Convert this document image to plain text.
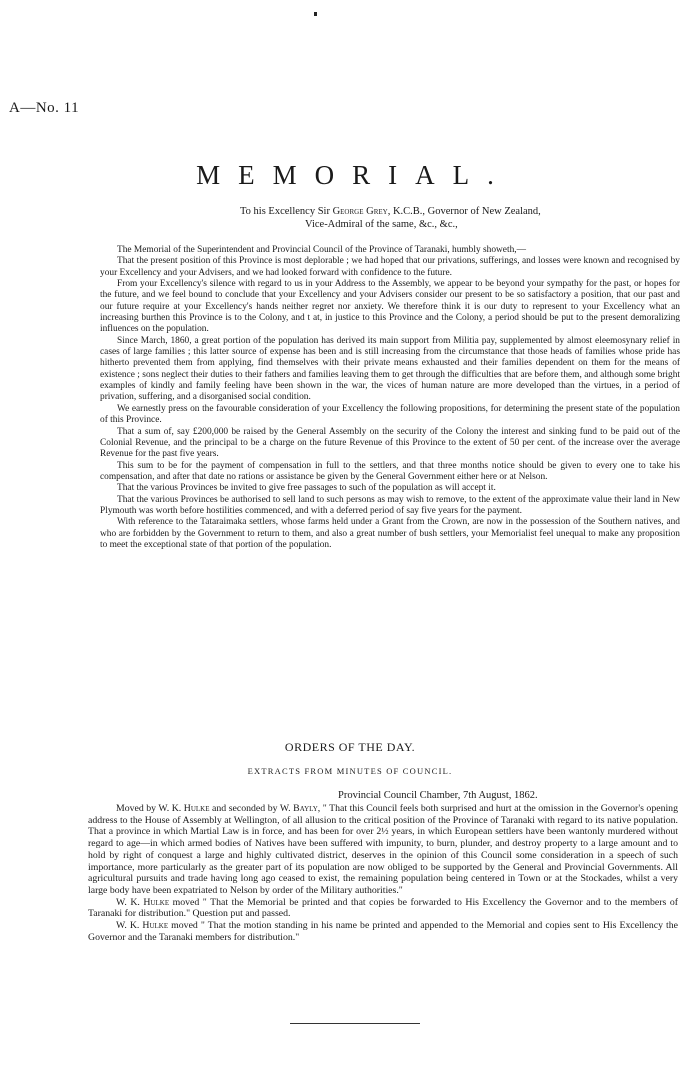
A—No. 11
MEMORIAL.
To his Excellency Sir George Grey, K.C.B., Governor of New Zealand,
Vice-Admiral of the same, &c., &c.,

The Memorial of the Superintendent and Provincial Council of the Province of Taranaki, humbly showeth,—

That the present position of this Province is most deplorable ; we had hoped that our privations, sufferings, and losses were known and recognised by your Excellency and your Advisers, and we had looked forward with confidence to the future.

From your Excellency's silence with regard to us in your Address to the Assembly, we appear to be beyond your sympathy for the past, or hopes for the future, and we feel bound to conclude that your Excellency and your Advisers consider our present to be so satisfactory a position, that our past and our future require at your Excellency's hands neither regret nor anxiety. We therefore think it is our duty to represent to your Excellency what an increasing burthen this Province is to the Colony, and t at, in justice to this Province and the Colony, a period should be put to the present demoralizing influences on the population.

Since March, 1860, a great portion of the population has derived its main support from Militia pay, supplemented by almost eleemosynary relief in cases of large families ; this latter source of expense has been and is still increasing from the circumstance that those heads of families whose pride has hitherto prevented them from applying, find themselves with their private means exhausted and their families dependent on them for the means of existence ; sons neglect their duties to their fathers and families leaving them to get through the difficulties that are before them, and although some bright examples of kindly and family feeling have been shown in the war, the vices of human nature are more developed than the virtues, in a period of privation, suffering, and a disorganised social condition.

We earnestly press on the favourable consideration of your Excellency the following propositions, for determining the present state of the population of this Province.

That a sum of, say £200,000 be raised by the General Assembly on the security of the Colony the interest and sinking fund to be paid out of the Colonial Revenue, and the principal to be a charge on the future Revenue of this Province to the extent of 50 per cent. of the increase over the average Revenue for the past five years.

This sum to be for the payment of compensation in full to the settlers, and that three months notice should be given to every one to take his compensation, and after that date no rations or assistance be given by the General Government either here or at Nelson.

That the various Provinces be invited to give free passages to such of the population as will accept it.

That the various Provinces be authorised to sell land to such persons as may wish to remove, to the extent of the approximate value their land in New Plymouth was worth before hostilities commenced, and with a deferred period of say five years for the payment.

With reference to the Tataraimaka settlers, whose farms held under a Grant from the Crown, are now in the possession of the Southern natives, and who are forbidden by the Government to return to them, and also a great number of bush settlers, your Memorialist feel unequal to make any proposition to meet the exceptional state of that portion of the population.

ORDERS OF THE DAY.
EXTRACTS FROM MINUTES OF COUNCIL.
Provincial Council Chamber, 7th August, 1862.

Moved by W. K. Hulke and seconded by W. Bayly, " That this Council feels both surprised and hurt at the omission in the Governor's opening address to the House of Assembly at Wellington, of all allusion to the critical position of the Province of Taranaki with regard to its native population. That a province in which Martial Law is in force, and has been for over 2½ years, in which European settlers have been wantonly murdered without regard to age—in which armed bodies of Natives have been suffered with impunity, to burn, plunder, and destroy property to a large amount and to hold by right of conquest a large and highly cultivated district, deserves in the opinion of this Council some consideration in a speech of such importance, more particularly as the greater part of its population are now obliged to be supported by the General and Provincial Governments. All agricultural pursuits and trade having long ago ceased to exist, the remaining population being centered in Town or at the Stockades, whilst a very large body have been expatriated to Nelson by order of the Military authorities."

W. K. Hulke moved " That the Memorial be printed and that copies be forwarded to His Excellency the Governor and to the members of Taranaki for distribution." Question put and passed.

W. K. Hulke moved " That the motion standing in his name be printed and appended to the Memorial and copies sent to His Excellency the Governor and the Taranaki members for distribution."
